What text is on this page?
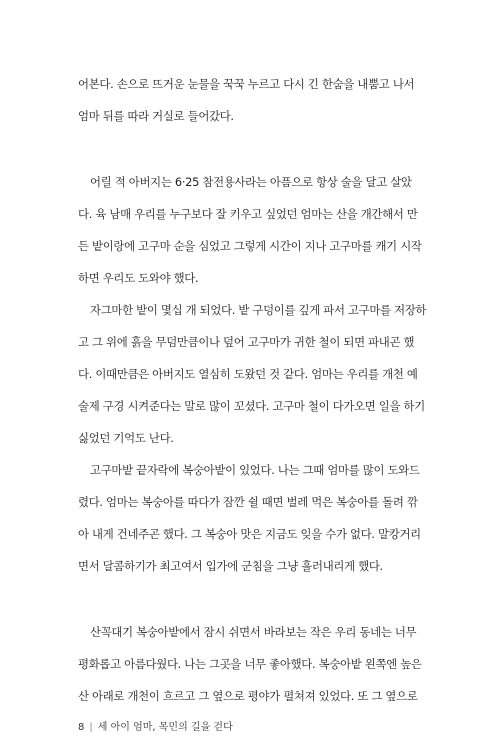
어본다. 손으로 뜨거운 눈물을 꾹꾹 누르고 다시 긴 한숨을 내뿜고 나서
엄마 뒤를 따라 거실로 들어갔다.
어릴 적 아버지는 6·25 참전용사라는 아픔으로 항상 술을 달고 살았
다. 육 남매 우리를 누구보다 잘 키우고 싶었던 엄마는 산을 개간해서 만
든 밭이랑에 고구마 순을 심었고 그렇게 시간이 지나 고구마를 캐기 시작
하면 우리도 도와야 했다.
자그마한 밭이 몇십 개 되었다. 밭 구덩이를 깊게 파서 고구마를 저장하
고 그 위에 흙을 무덤만큼이나 덮어 고구마가 귀한 철이 되면 파내곤 했
다. 이때만큼은 아버지도 열심히 도왔던 것 같다. 엄마는 우리를 개천 예
술제 구경 시켜준다는 말로 많이 꼬셨다. 고구마 철이 다가오면 일을 하기
싫었던 기억도 난다.
고구마밭 끝자락에 복숭아밭이 있었다. 나는 그때 엄마를 많이 도와드
렸다. 엄마는 복숭아를 따다가 잠깐 쉴 때면 벌레 먹은 복숭아를 돌려 깎
아 내게 건네주곤 했다. 그 복숭아 맛은 지금도 잊을 수가 없다. 말캉거리
면서 달콤하기가 최고여서 입가에 군침을 그냥 흘러내리게 했다.
산꼭대기 복숭아밭에서 잠시 쉬면서 바라보는 작은 우리 동네는 너무
평화롭고 아름다웠다. 나는 그곳을 너무 좋아했다. 복숭아밭 왼쪽엔 높은
산 아래로 개천이 흐르고 그 옆으로 평야가 펼쳐져 있었다. 또 그 옆으로
8 | 세 아이 엄마, 목민의 길을 걷다
